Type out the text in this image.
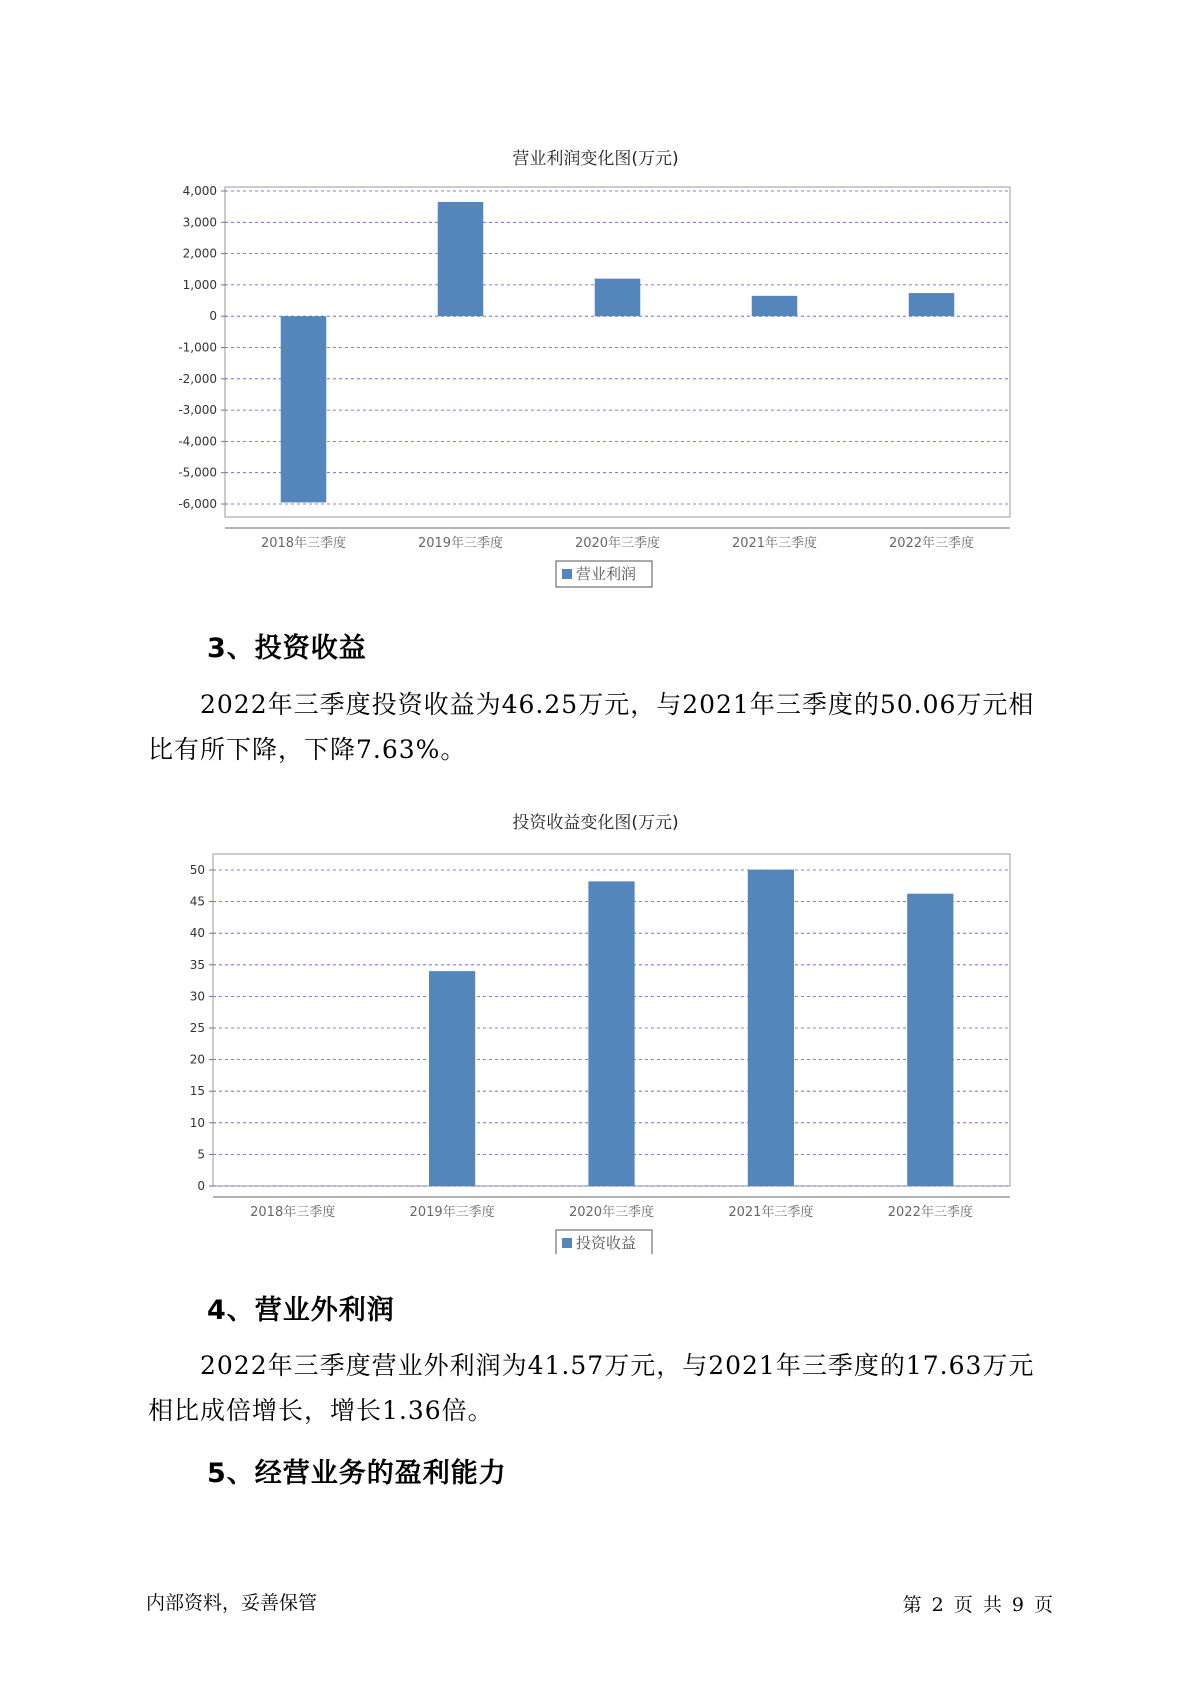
营业利润变化图(万元)
4,000
3,000
2,000
1,000
0
-1,000
-2,000
-3,000
-4,000
-5,000
-6,000
2018年三季度	2019年三季度	2020年三季度	2021年三季度	2022年三季度
营业利润
3、投资收益
2022年三季度投资收益为46.25万元，与2021年三季度的50.06万元相
比有所下降，下降7.63%。
投资收益变化图(万元)
50
45
40
35
30
25
20
15
10
5
0
2018年三季度	2019年三季度	2020年三季度	2021年三季度	2022年三季度
投资收益
4、营业外利润
2022年三季度营业外利润为41.57万元，与2021年三季度的17.63万元
相比成倍增长，增长1.36倍。
5、经营业务的盈利能力
内部资料，妥善保管	第 2 页 共 9 页
